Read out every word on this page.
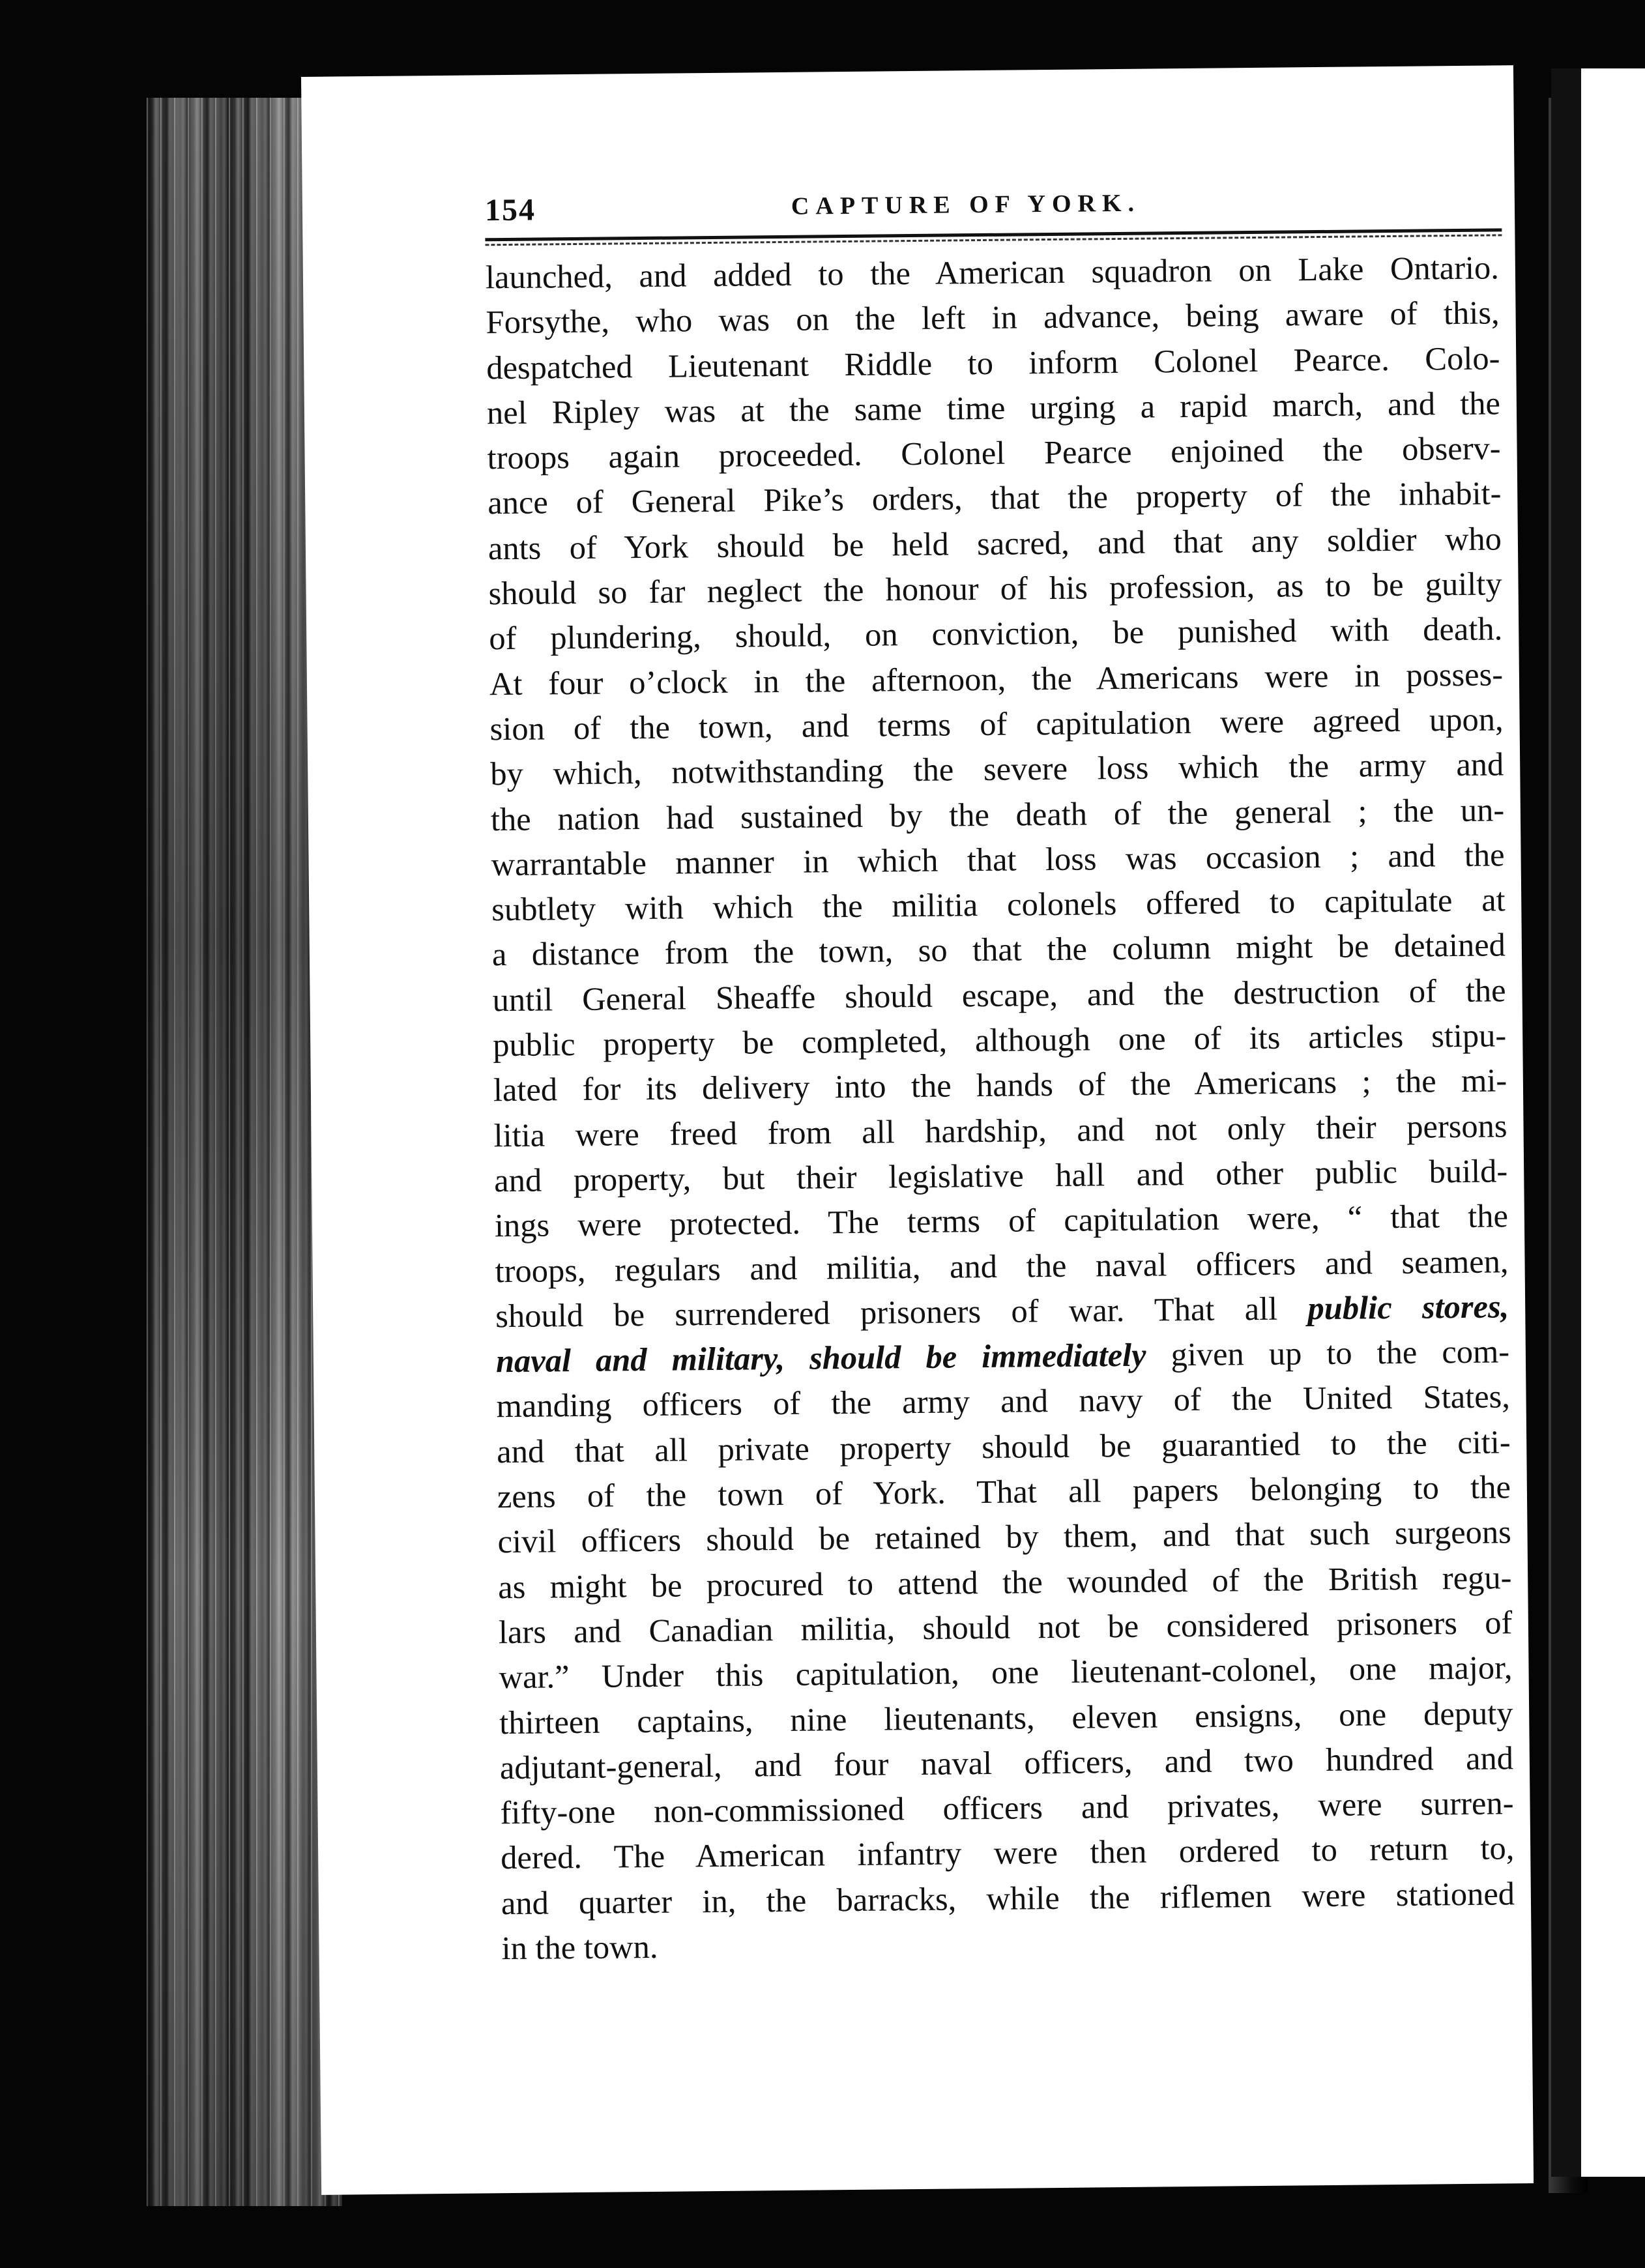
154	CAPTURE OF YORK.
launched, and added to the American squadron on Lake Ontario.
Forsythe, who was on the left in advance, being aware of this,
despatched Lieutenant Riddle to inform Colonel Pearce. Colo-
nel Ripley was at the same time urging a rapid march, and the
troops again proceeded. Colonel Pearce enjoined the observ-
ance of General Pike’s orders, that the property of the inhabit-
ants of York should be held sacred, and that any soldier who
should so far neglect the honour of his profession, as to be guilty
of plundering, should, on conviction, be punished with death.
At four o’clock in the afternoon, the Americans were in posses-
sion of the town, and terms of capitulation were agreed upon,
by which, notwithstanding the severe loss which the army and
the nation had sustained by the death of the general ; the un-
warrantable manner in which that loss was occasion ; and the
subtlety with which the militia colonels offered to capitulate at
a distance from the town, so that the column might be detained
until General Sheaffe should escape, and the destruction of the
public property be completed, although one of its articles stipu-
lated for its delivery into the hands of the Americans ; the mi-
litia were freed from all hardship, and not only their persons
and property, but their legislative hall and other public build-
ings were protected. The terms of capitulation were, “ that the
troops, regulars and militia, and the naval officers and seamen,
should be surrendered prisoners of war. That all public stores,
naval and military, should be immediately given up to the com-
manding officers of the army and navy of the United States,
and that all private property should be guarantied to the citi-
zens of the town of York. That all papers belonging to the
civil officers should be retained by them, and that such surgeons
as might be procured to attend the wounded of the British regu-
lars and Canadian militia, should not be considered prisoners of
war.” Under this capitulation, one lieutenant-colonel, one major,
thirteen captains, nine lieutenants, eleven ensigns, one deputy
adjutant-general, and four naval officers, and two hundred and
fifty-one non-commissioned officers and privates, were surren-
dered. The American infantry were then ordered to return to,
and quarter in, the barracks, while the riflemen were stationed
in the town.
